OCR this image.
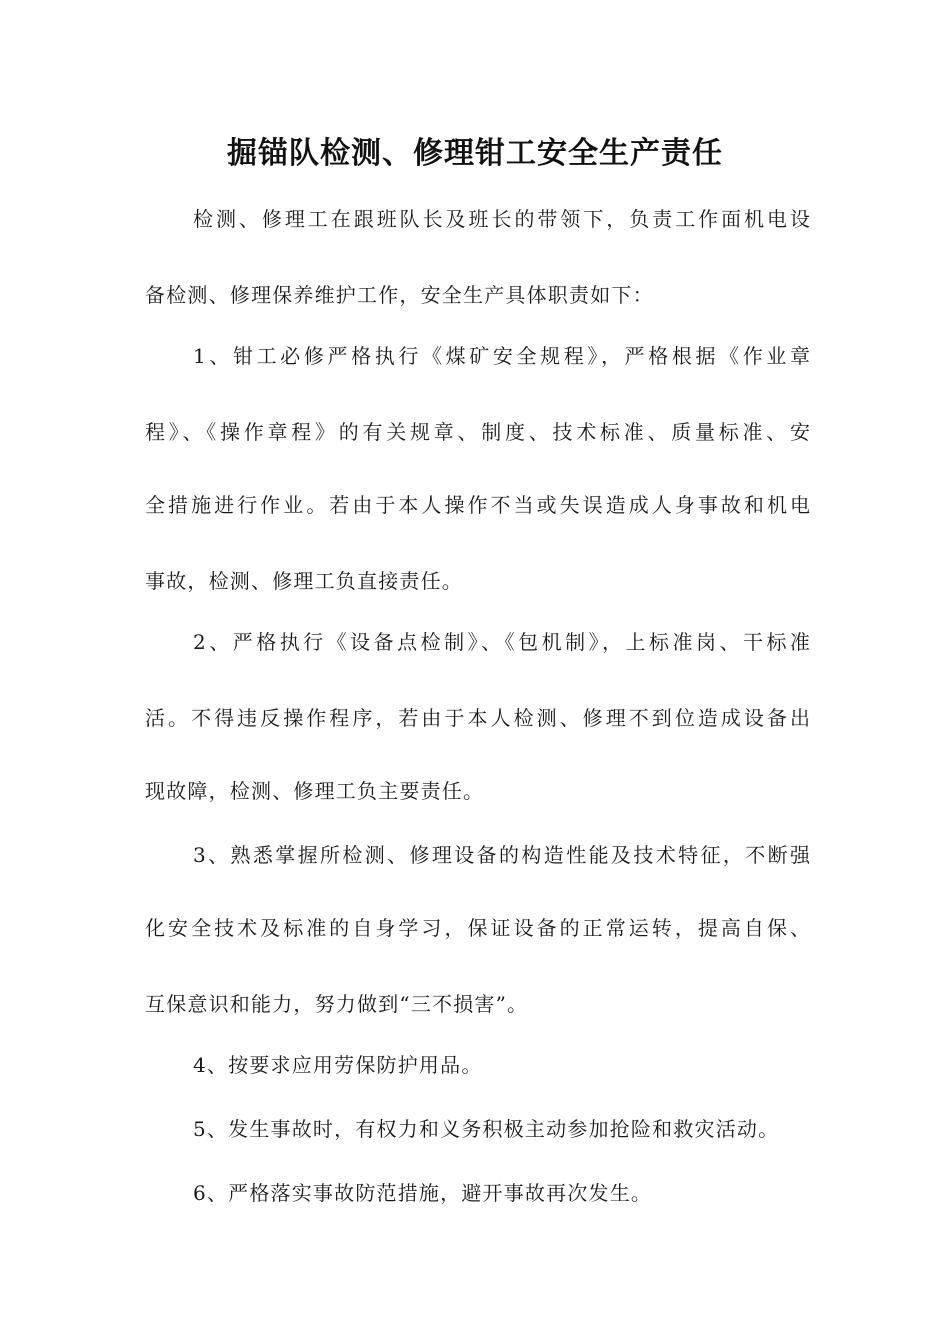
掘锚队检测、修理钳工安全生产责任
检测、修理工在跟班队长及班长的带领下，负责工作面机电设
备检测、修理保养维护工作，安全生产具体职责如下：
1、钳工必修严格执行《煤矿安全规程》，严格根据《作业章
程》、《操作章程》的有关规章、制度、技术标准、质量标准、安
全措施进行作业。若由于本人操作不当或失误造成人身事故和机电
事故，检测、修理工负直接责任。
2、严格执行《设备点检制》、《包机制》，上标准岗、干标准
活。不得违反操作程序，若由于本人检测、修理不到位造成设备出
现故障，检测、修理工负主要责任。
3、熟悉掌握所检测、修理设备的构造性能及技术特征，不断强
化安全技术及标准的自身学习，保证设备的正常运转，提高自保、
互保意识和能力，努力做到“三不损害”。
4、按要求应用劳保防护用品。
5、发生事故时，有权力和义务积极主动参加抢险和救灾活动。
6、严格落实事故防范措施，避开事故再次发生。
